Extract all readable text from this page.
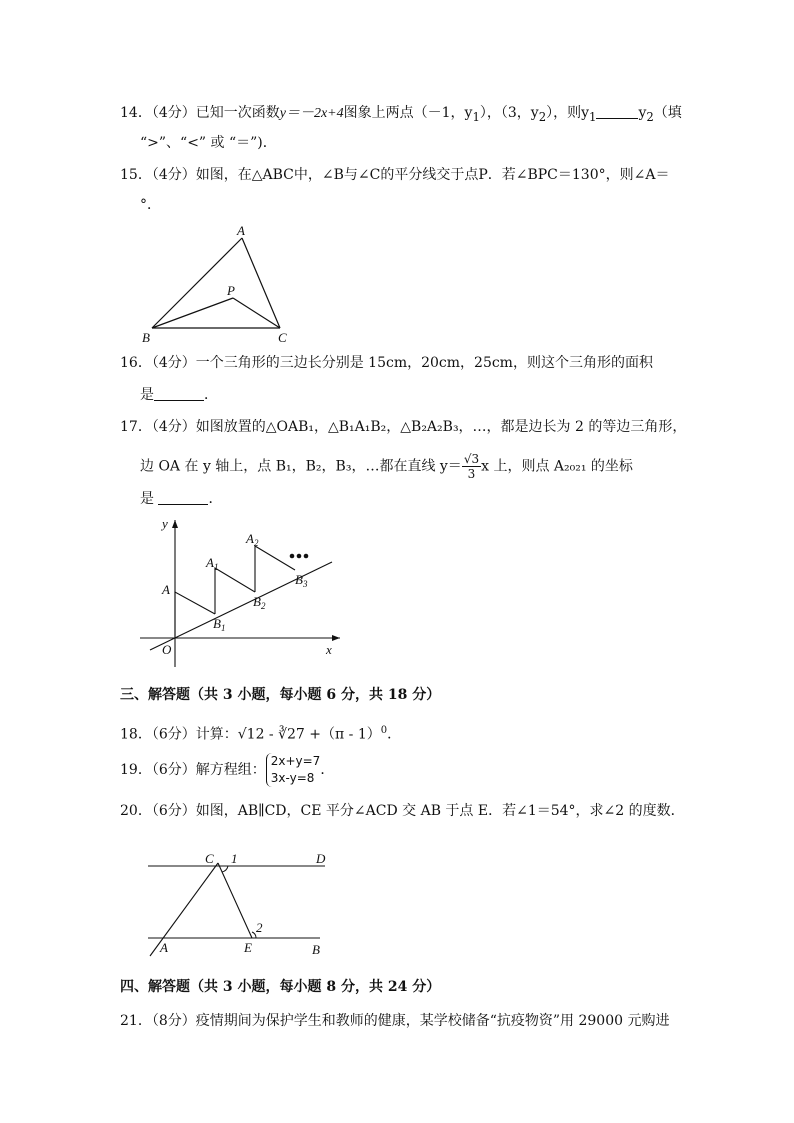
14．（4分）已知一次函数y＝－2x+4图象上两点（－1，$y_1$），（3，$y_2$），则$y_1$	$y_2$（填
“>”、“<” 或 “＝”)．
15．（4分）如图，在△ABC中，∠B与∠C的平分线交于点P．若∠BPC＝130°，则∠A＝
°．
A
P
B	C
16．（4分）一个三角形的三边长分别是 15cm，20cm，25cm，则这个三角形的面积
是	．
17．（4分）如图放置的△OAB₁，△B₁A₁B₂，△B₂A₂B₃，…，都是边长为 2 的等边三角形，
边 OA 在 y 轴上，点 B₁，B₂，B₃，…都在直线 $y= \frac{√3}{3}$ x 上，则点 A₂₀₂₁ 的坐标
是	．
y
x
O
A
$A_1$
$A_2$
$B_1$
$B_2$
$B_3$
三、解答题（共 3 小题，每小题 6 分，共 18 分）
18．（6分）计算：√12 - ∛27 +（π - 1）$^0$．
19．（6分）解方程组：
2x+y=7
3x-y=8 ．
20．（6分）如图，AB∥CD，CE 平分∠ACD 交 AB 于点 E．若∠1＝54°，求∠2 的度数．
C 1	D
2
A	E	B
四、解答题（共 3 小题，每小题 8 分，共 24 分）
21．（8分）疫情期间为保护学生和教师的健康，某学校储备“抗疫物资”用 29000 元购进
